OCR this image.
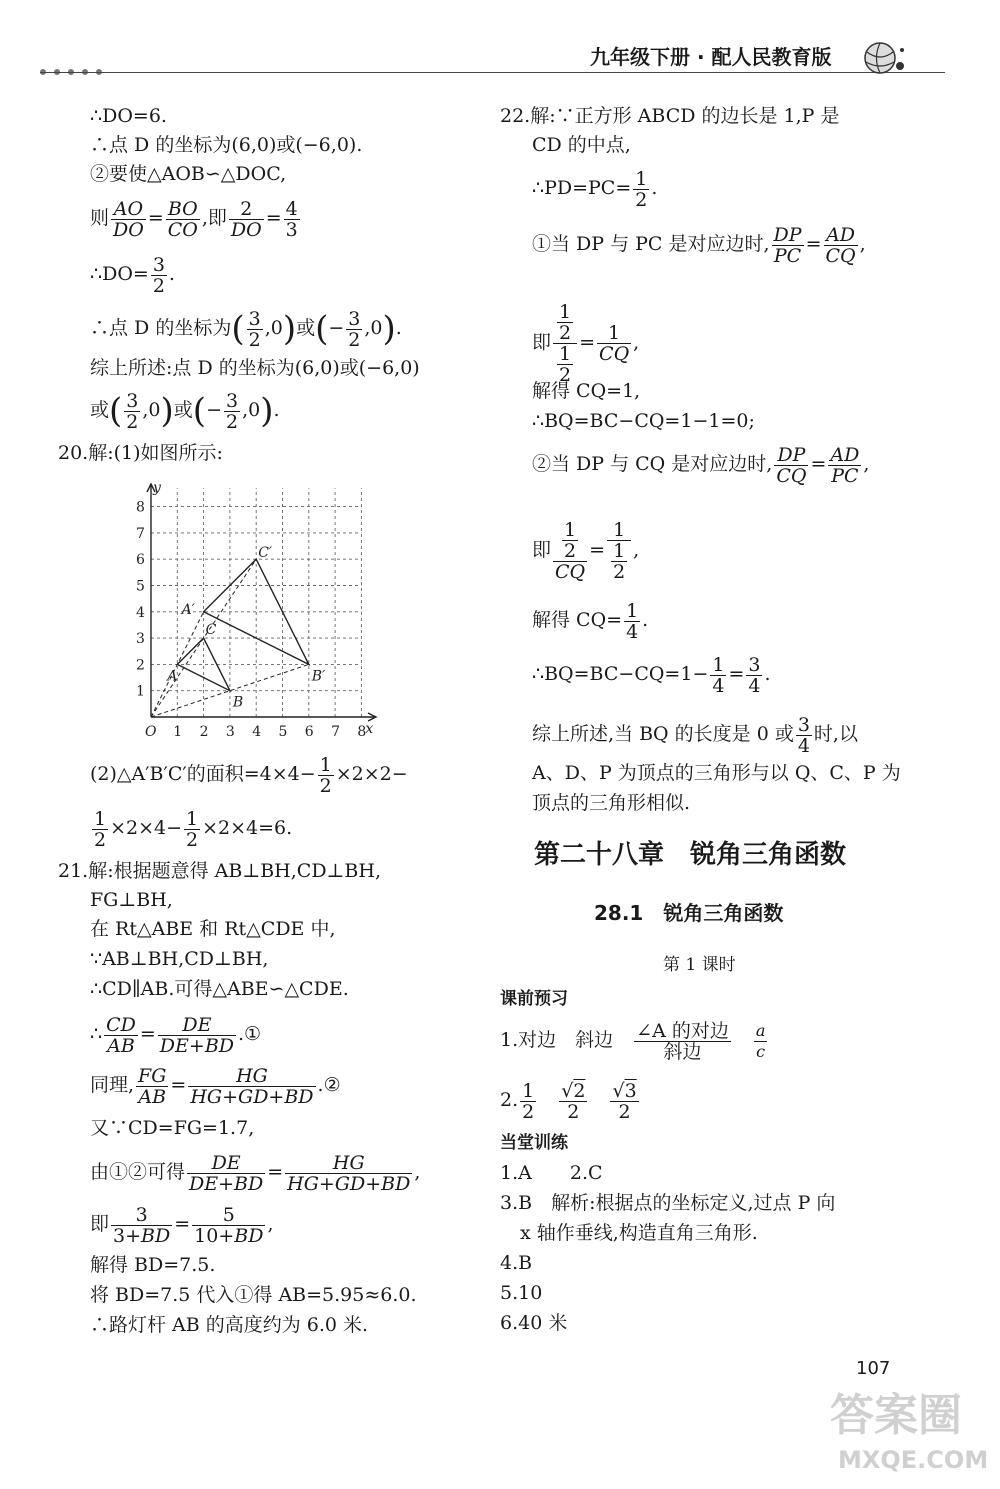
九年级下册 · 配人民教育版
∴DO=6.
∴点 D 的坐标为(6,0)或(−6,0).
②要使△AOB∽△DOC,
则 $\frac{AO}{DO} = \frac{BO}{CO}$ ,即 $\frac{2}{DO} = \frac{4}{3}$
∴DO= $\frac{3}{2}$ .
∴点 D 的坐标为( $\frac{3}{2} ,0$)或(− $\frac{3}{2} ,0$).
综上所述:点 D 的坐标为(6,0)或(−6,0)
或( $\frac{3}{2} ,0$)或(− $\frac{3}{2} ,0$).
20.解:(1)如图所示:
1 2 3 4 5 6 7 8
1
2
3
4
5
6
7
8
O	x
y
A
B
C
A′
B′
C′
(2)△A′B′C′的面积$=4\times 4- \frac{1}{2} \times 2\times 2-$
$\frac{1}{2} \times 2\times 4- \frac{1}{2} \times 2\times 4=6$.
21.解:根据题意得 AB⊥BH,CD⊥BH,
FG⊥BH,
在 Rt△ABE 和 Rt△CDE 中,
∵AB⊥BH,CD⊥BH,
∴CD∥AB.可得△ABE∽△CDE.
∴ $\frac{CD}{AB} = \frac{DE}{DE+BD}$ .①
同理, $\frac{FG}{AB} = \frac{HG}{HG+GD+BD}$ .②
又∵CD=FG=1.7,
由①②可得 $\frac{DE}{DE+BD} = \frac{HG}{HG+GD+BD}$ ,
即 $\frac{3}{3+BD} = \frac{5}{10+BD}$ ,
解得 BD=7.5.
将 BD=7.5 代入①得 AB=5.95≈6.0.
∴路灯杆 AB 的高度约为 6.0 米.
22.解:∵正方形 ABCD 的边长是 1,P 是
CD 的中点,
∴PD=PC= $\frac{1}{2}$ .
①当 DP 与 PC 是对应边时, $\frac{DP}{PC} = \frac{AD}{CQ}$ ,
即 $\frac{\frac{1}{2}}{\frac{1}{2}} = \frac{1}{CQ}$ ,
解得 CQ=1,
∴BQ=BC−CQ=1−1=0;
②当 DP 与 CQ 是对应边时, $\frac{DP}{CQ} = \frac{AD}{PC}$ ,
即 $\frac{\frac{1}{2}}{CQ} = \frac{1}{\frac{1}{2}}$ ,
解得 $CQ= \frac{1}{4}$ .
∴BQ=BC−CQ=1− $\frac{1}{4} = \frac{3}{4}$ .
综上所述,当 BQ 的长度是 0 或 $\frac{3}{4}$ 时,以
A、D、P 为顶点的三角形与以 Q、C、P 为
顶点的三角形相似.
第二十八章　锐角三角函数
28.1　锐角三角函数
第 1 课时
课前预习
1.对边　斜边　 $\frac{\text{∠A 的对边}}{\text{斜边}}$
　 $\frac{a}{c}$
2. $\frac{1}{2}$
　 $\frac{√2}{2}$
　 $\frac{√3}{2}$
当堂训练
1.A　　2.C
3.B　解析:根据点的坐标定义,过点 P 向
x 轴作垂线,构造直角三角形.
4.B
5.10
6.40 米
107
答案圈
MXQE.COM
